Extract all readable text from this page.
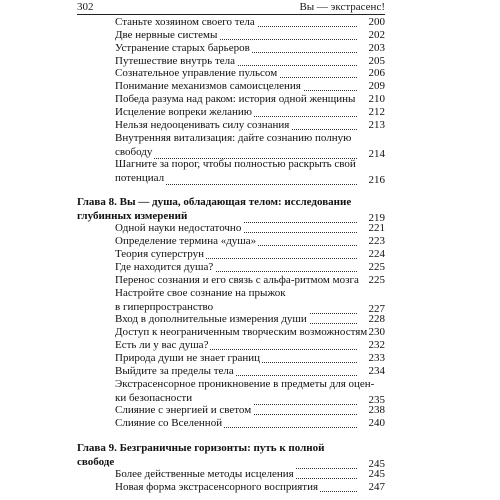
302	Вы — экстрасенс!
Станьте хозяином своего тела	200
Две нервные системы	202
Устранение старых барьеров	203
Путешествие внутрь тела	205
Сознательное управление пульсом	206
Понимание механизмов самоисцеления	209
Победа разума над раком: история одной женщины	210
Исцеление вопреки желанию	212
Нельзя недооценивать силу сознания	213
Внутренняя витализация: дайте сознанию полную
свободу	214
Шагните за порог, чтобы полностью раскрыть свой
потенциал	216
Глава 8. Вы — душа, обладающая телом: исследование
глубинных измерений	219
Одной науки недостаточно	221
Определение термина «душа»	223
Теория суперструн	224
Где находится душа?	225
Перенос сознания и его связь с альфа-ритмом мозга 225
Настройте свое сознание на прыжок
в гиперпространство	227
Вход в дополнительные измерения души	228
Доступ к неограниченным творческим возможностям 230
Есть ли у вас душа?	232
Природа души не знает границ	233
Выйдите за пределы тела	234
Экстрасенсорное проникновение в предметы для оцен-
ки безопасности	235
Слияние с энергией и светом	238
Слияние со Вселенной	240
Глава 9. Безграничные горизонты: путь к полной
свободе	245
Более действенные методы исцеления	245
Новая форма экстрасенсорного восприятия	247
